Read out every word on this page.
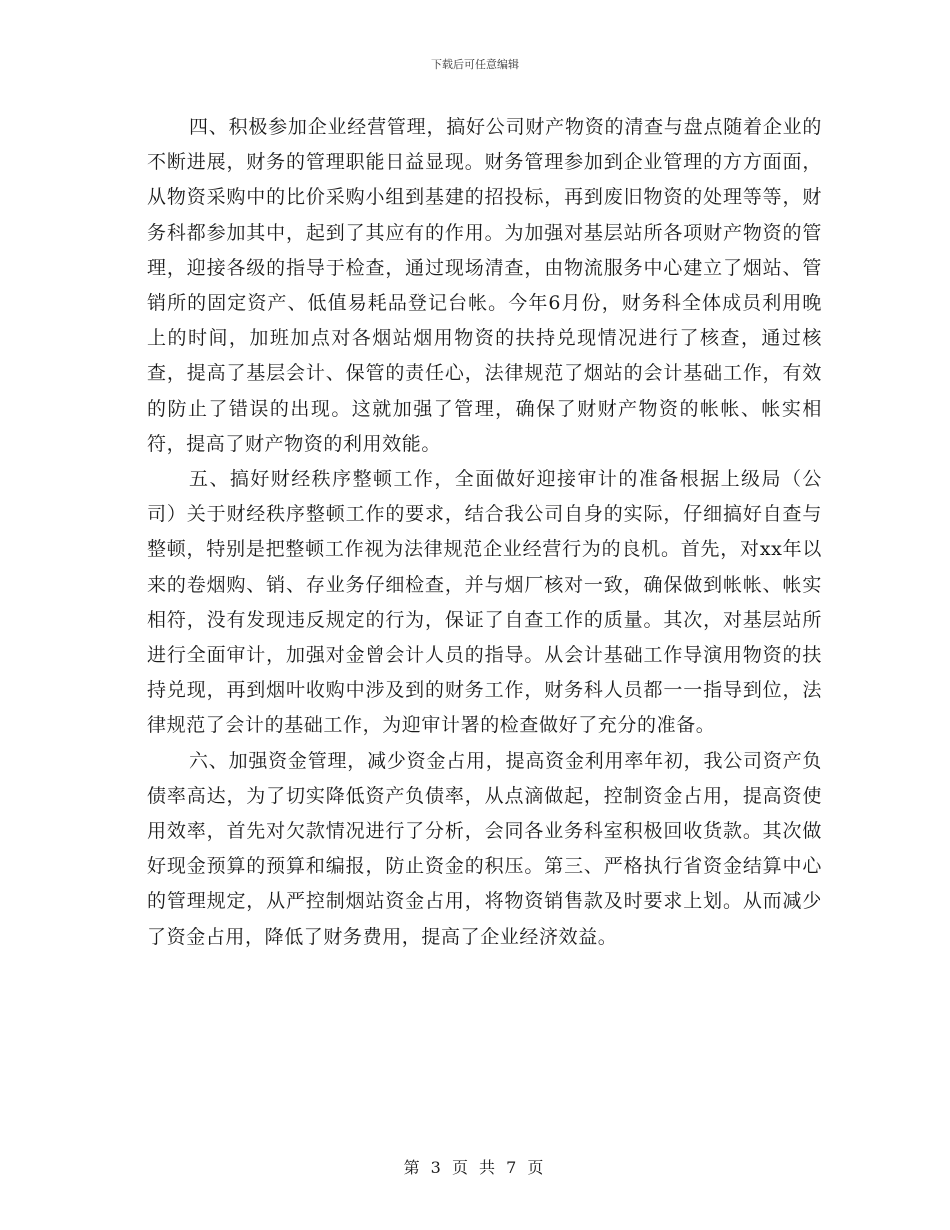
下载后可任意编辑

四、积极参加企业经营管理，搞好公司财产物资的清查与盘点随着企业的不断进展，财务的管理职能日益显现。财务管理参加到企业管理的方方面面，从物资采购中的比价采购小组到基建的招投标，再到废旧物资的处理等等，财务科都参加其中，起到了其应有的作用。为加强对基层站所各项财产物资的管理，迎接各级的指导于检查，通过现场清查，由物流服务中心建立了烟站、管销所的固定资产、低值易耗品登记台帐。今年6月份，财务科全体成员利用晚上的时间，加班加点对各烟站烟用物资的扶持兑现情况进行了核查，通过核查，提高了基层会计、保管的责任心，法律规范了烟站的会计基础工作，有效的防止了错误的出现。这就加强了管理，确保了财财产物资的帐帐、帐实相符，提高了财产物资的利用效能。

五、搞好财经秩序整顿工作，全面做好迎接审计的准备根据上级局（公司）关于财经秩序整顿工作的要求，结合我公司自身的实际，仔细搞好自查与整顿，特别是把整顿工作视为法律规范企业经营行为的良机。首先，对xx年以来的卷烟购、销、存业务仔细检查，并与烟厂核对一致，确保做到帐帐、帐实相符，没有发现违反规定的行为，保证了自查工作的质量。其次，对基层站所进行全面审计，加强对金曾会计人员的指导。从会计基础工作导演用物资的扶持兑现，再到烟叶收购中涉及到的财务工作，财务科人员都一一指导到位，法律规范了会计的基础工作，为迎审计署的检查做好了充分的准备。

六、加强资金管理，减少资金占用，提高资金利用率年初，我公司资产负债率高达，为了切实降低资产负债率，从点滴做起，控制资金占用，提高资使用效率，首先对欠款情况进行了分析，会同各业务科室积极回收货款。其次做好现金预算的预算和编报，防止资金的积压。第三、严格执行省资金结算中心的管理规定，从严控制烟站资金占用，将物资销售款及时要求上划。从而减少了资金占用，降低了财务费用，提高了企业经济效益。

第 3 页 共 7 页
